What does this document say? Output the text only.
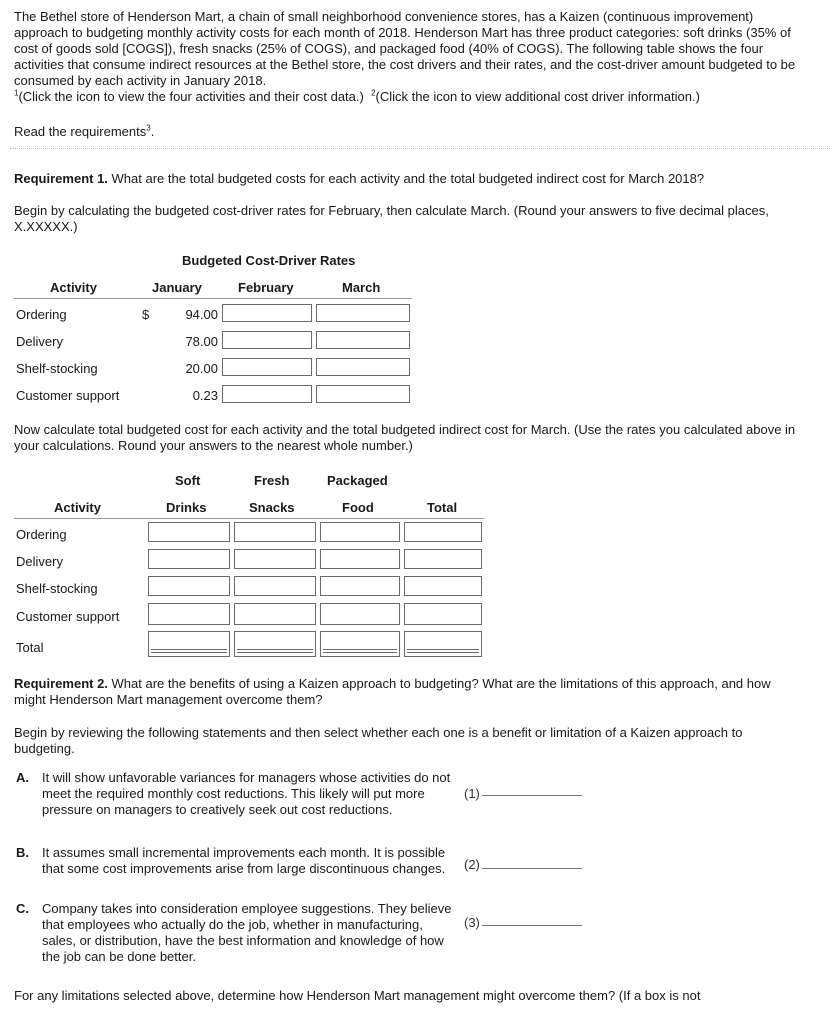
The Bethel store of Henderson Mart, a chain of small neighborhood convenience stores, has a Kaizen (continuous improvement) approach to budgeting monthly activity costs for each month of 2018. Henderson Mart has three product categories: soft drinks (35% of cost of goods sold [COGS]), fresh snacks (25% of COGS), and packaged food (40% of COGS). The following table shows the four activities that consume indirect resources at the Bethel store, the cost drivers and their rates, and the cost-driver amount budgeted to be consumed by each activity in January 2018.

$^1$(Click the icon to view the four activities and their cost data.) $^2$(Click the icon to view additional cost driver information.)

Read the requirements$^3$.
Requirement 1. What are the total budgeted costs for each activity and the total budgeted indirect cost for March 2018?
Begin by calculating the budgeted cost-driver rates for February, then calculate March. (Round your answers to five decimal places, X.XXXXX.)
Budgeted Cost-Driver Rates
Activity	January	February	March
Ordering	$	94.00
Delivery	78.00
Shelf-stocking	20.00
Customer support	0.23
Now calculate total budgeted cost for each activity and the total budgeted indirect cost for March. (Use the rates you calculated above in your calculations. Round your answers to the nearest whole number.)
Soft	Fresh	Packaged
Activity	Drinks	Snacks	Food	Total
Ordering
Delivery
Shelf-stocking
Customer support
Total
Requirement 2. What are the benefits of using a Kaizen approach to budgeting? What are the limitations of this approach, and how might Henderson Mart management overcome them?
Begin by reviewing the following statements and then select whether each one is a benefit or limitation of a Kaizen approach to budgeting.
A. It will show unfavorable variances for managers whose activities do not meet the required monthly cost reductions. This likely will put more pressure on managers to creatively seek out cost reductions.
(1)
B. It assumes small incremental improvements each month. It is possible that some cost improvements arise from large discontinuous changes.	(2)
C. Company takes into consideration employee suggestions. They believe that employees who actually do the job, whether in manufacturing, sales, or distribution, have the best information and knowledge of how the job can be done better.
(3)
For any limitations selected above, determine how Henderson Mart management might overcome them? (If a box is not
